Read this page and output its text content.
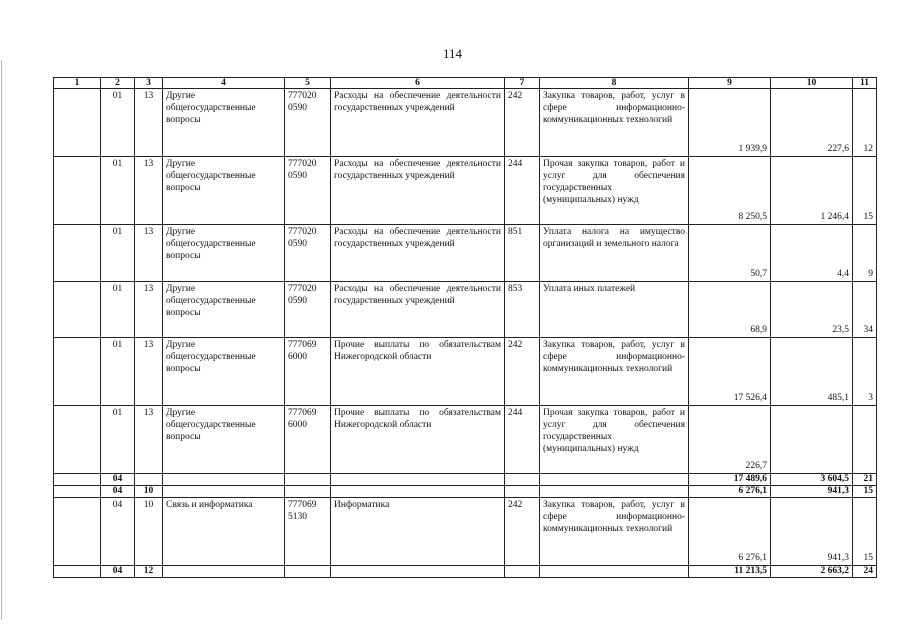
114
1	2	3	4	5	6	7	8	9	10	11
	01	13	Другие общегосударственные вопросы	777020 0590	Расходы на обеспечение деятельности государственных учреждений	242	Закупка товаров, работ, услуг в сфере информационно-коммуникационных технологий	1 939,9	227,6	12
	01	13	Другие общегосударственные вопросы	777020 0590	Расходы на обеспечение деятельности государственных учреждений	244	Прочая закупка товаров, работ и услуг для обеспечения государственных (муниципальных) нужд	8 250,5	1 246,4	15
	01	13	Другие общегосударственные вопросы	777020 0590	Расходы на обеспечение деятельности государственных учреждений	851	Уплата налога на имущество организаций и земельного налога	50,7	4,4	9
	01	13	Другие общегосударственные вопросы	777020 0590	Расходы на обеспечение деятельности государственных учреждений	853	Уплата иных платежей	68,9	23,5	34
	01	13	Другие общегосударственные вопросы	777069 6000	Прочие выплаты по обязательствам Нижегородской области	242	Закупка товаров, работ, услуг в сфере информационно-коммуникационных технологий	17 526,4	485,1	3
	01	13	Другие общегосударственные вопросы	777069 6000	Прочие выплаты по обязательствам Нижегородской области	244	Прочая закупка товаров, работ и услуг для обеспечения государственных (муниципальных) нужд	226,7		
	04							17 489,6	3 604,5	21
	04	10						6 276,1	941,3	15
	04	10	Связь и информатика	777069 5130	Информатика	242	Закупка товаров, работ, услуг в сфере информационно-коммуникационных технологий	6 276,1	941,3	15
	04	12						11 213,5	2 663,2	24
